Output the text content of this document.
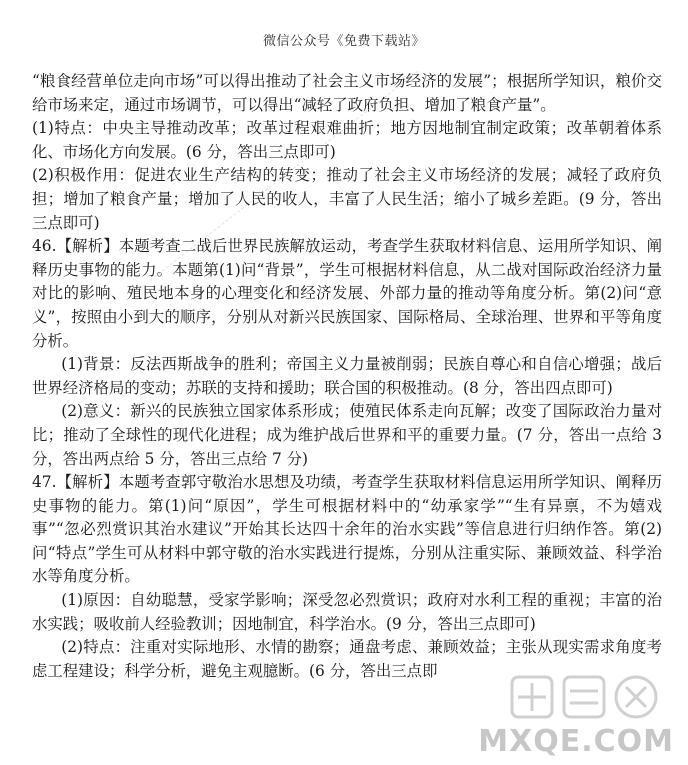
微信公众号《免费下载站》

“粮食经营单位走向市场”可以得出推动了社会主义市场经济的发展”；根据所学知识，粮价交给市场来定，通过市场调节，可以得出“减轻了政府负担、增加了粮食产量”。

(1)特点：中央主导推动改革；改革过程艰难曲折；地方因地制宜制定政策；改革朝着体系化、市场化方向发展。(6 分，答出三点即可)

(2)积极作用：促进农业生产结构的转变；推动了社会主义市场经济的发展；减轻了政府负担；增加了粮食产量；增加了人民的收人，丰富了人民生活；缩小了城乡差距。(9 分，答出三点即可)

46.【解析】本题考查二战后世界民族解放运动，考查学生获取材料信息、运用所学知识、阐释历史事物的能力。本题第(1)问“背景”，学生可根据材料信息，从二战对国际政治经济力量对比的影响、殖民地本身的心理变化和经济发展、外部力量的推动等角度分析。第(2)问“意义”，按照由小到大的顺序，分别从对新兴民族国家、国际格局、全球治理、世界和平等角度分析。

(1)背景：反法西斯战争的胜利；帝国主义力量被削弱；民族自尊心和自信心增强；战后世界经济格局的变动；苏联的支持和援助；联合国的积极推动。(8 分，答出四点即可)

(2)意义：新兴的民族独立国家体系形成；使殖民体系走向瓦解；改变了国际政治力量对比；推动了全球性的现代化进程；成为维护战后世界和平的重要力量。(7 分，答出一点给 3 分，答出两点给 5 分，答出三点给 7 分)

47.【解析】本题考查郭守敬治水思想及功绩，考查学生获取材料信息运用所学知识、阐释历史事物的能力。第(1)问“原因”，学生可根据材料中的“幼承家学”“生有异禀，不为嬉戏事”“忽必烈赏识其治水建议”开始其长达四十余年的治水实践”等信息进行归纳作答。第(2)问“特点”学生可从材料中郭守敬的治水实践进行提炼，分别从注重实际、兼顾效益、科学治水等角度分析。

(1)原因：自幼聪慧，受家学影响；深受忽必烈赏识；政府对水利工程的重视；丰富的治水实践；吸收前人经验教训；因地制宜，科学治水。(9 分，答出三点即可)

(2)特点：注重对实际地形、水情的勘察；通盘考虑、兼顾效益；主张从现实需求角度考虑工程建设；科学分析，避免主观臆断。(6 分，答出三点即

MXQE.COM
